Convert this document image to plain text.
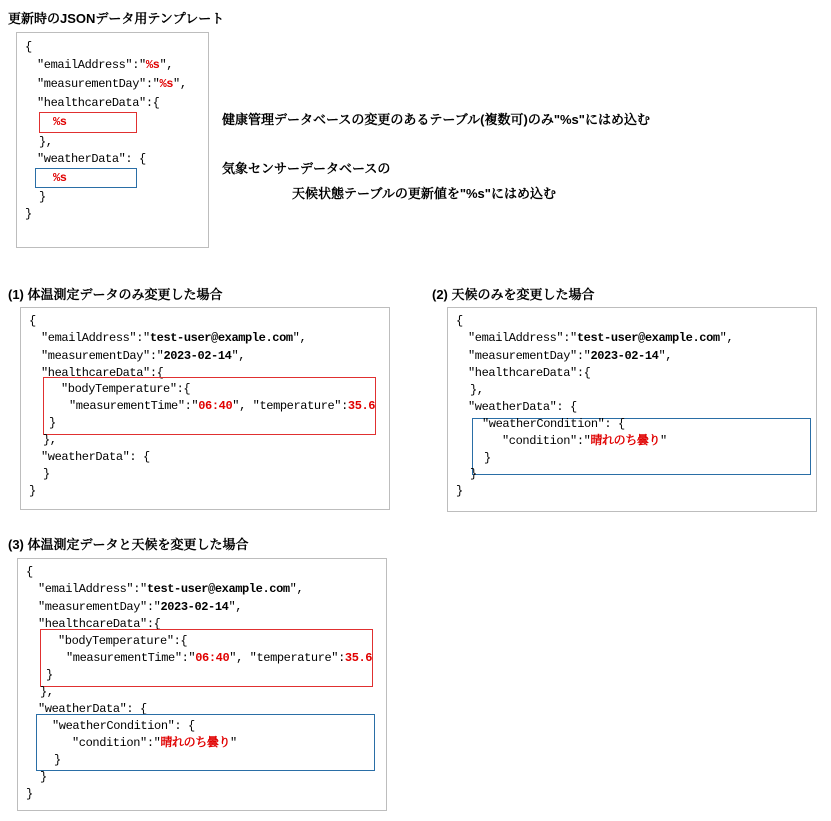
更新時のJSONデータ用テンプレート
{
"emailAddress":"%s",
"measurementDay":"%s",
"healthcareData":{
%s
},
"weatherData": {
%s
}
}
健康管理データベースの変更のあるテーブル(複数可)のみ"%s"にはめ込む
気象センサーデータベースの
天候状態テーブルの更新値を"%s"にはめ込む
(1) 体温測定データのみ変更した場合
{
"emailAddress":"test-user@example.com",
"measurementDay":"2023-02-14",
"healthcareData":{
"bodyTemperature":{
"measurementTime":"06:40", "temperature":35.6
}
},
"weatherData": {
}
}
(2) 天候のみを変更した場合
{
"emailAddress":"test-user@example.com",
"measurementDay":"2023-02-14",
"healthcareData":{
},
"weatherData": {
"weatherCondition": {
"condition":"晴れのち曇り"
}
}
}
(3) 体温測定データと天候を変更した場合
{
"emailAddress":"test-user@example.com",
"measurementDay":"2023-02-14",
"healthcareData":{
"bodyTemperature":{
"measurementTime":"06:40", "temperature":35.6
}
},
"weatherData": {
"weatherCondition": {
"condition":"晴れのち曇り"
}
}
}
